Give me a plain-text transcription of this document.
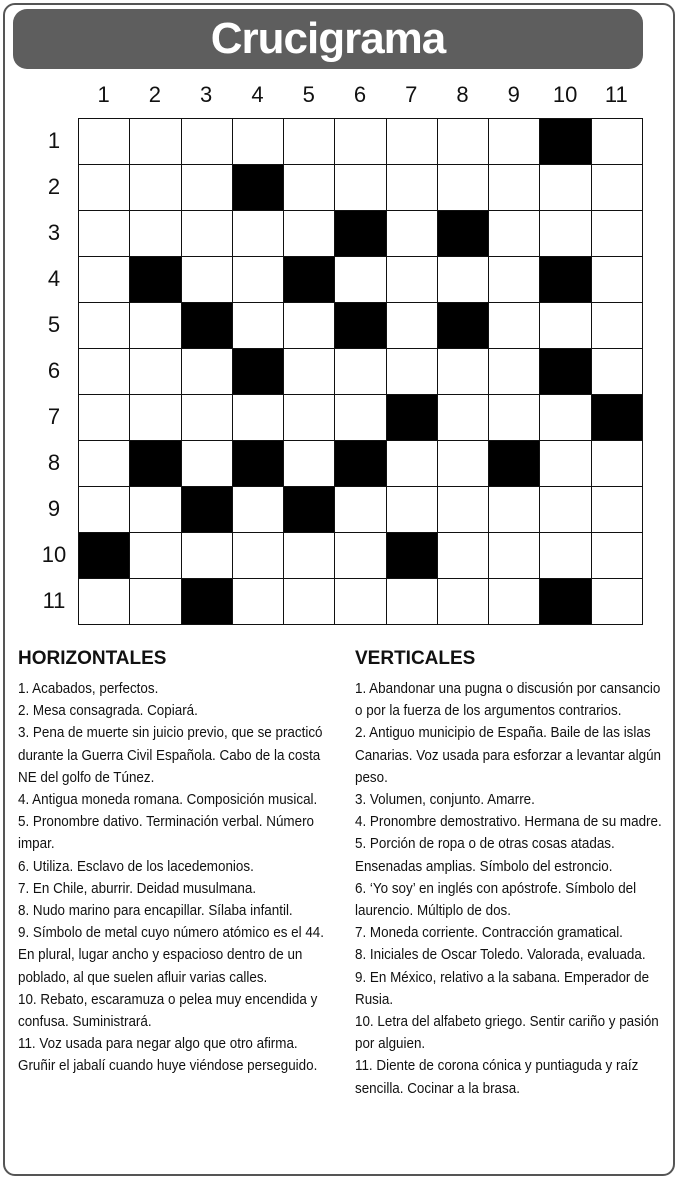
Crucigrama
1	2	3	4	5	6	7	8	9	10	11
1
2
3
4
5
6
7
8
9
10
11
HORIZONTALES
1. Acabados, perfectos.
2. Mesa consagrada. Copiará.
3. Pena de muerte sin juicio previo, que se practicó durante la Guerra Civil Española. Cabo de la costa NE del golfo de Túnez.
4. Antigua moneda romana. Composición musical.
5. Pronombre dativo. Terminación verbal. Número impar.
6. Utiliza. Esclavo de los lacedemonios.
7. En Chile, aburrir. Deidad musulmana.
8. Nudo marino para encapillar. Sílaba infantil.
9. Símbolo de metal cuyo número atómico es el 44. En plural, lugar ancho y espacioso dentro de un poblado, al que suelen afluir varias calles.
10. Rebato, escaramuza o pelea muy encendida y confusa. Suministrará.
11. Voz usada para negar algo que otro afirma. Gruñir el jabalí cuando huye viéndose perseguido.
VERTICALES
1. Abandonar una pugna o discusión por cansancio o por la fuerza de los argumentos contrarios.
2. Antiguo municipio de España. Baile de las islas Canarias. Voz usada para esforzar a levantar algún peso.
3. Volumen, conjunto. Amarre.
4. Pronombre demostrativo. Hermana de su madre.
5. Porción de ropa o de otras cosas atadas. Ensenadas amplias. Símbolo del estroncio.
6. ‘Yo soy’ en inglés con apóstrofe. Símbolo del laurencio. Múltiplo de dos.
7. Moneda corriente. Contracción gramatical.
8. Iniciales de Oscar Toledo. Valorada, evaluada.
9. En México, relativo a la sabana. Emperador de Rusia.
10. Letra del alfabeto griego. Sentir cariño y pasión por alguien.
11. Diente de corona cónica y puntiaguda y raíz sencilla. Cocinar a la brasa.
